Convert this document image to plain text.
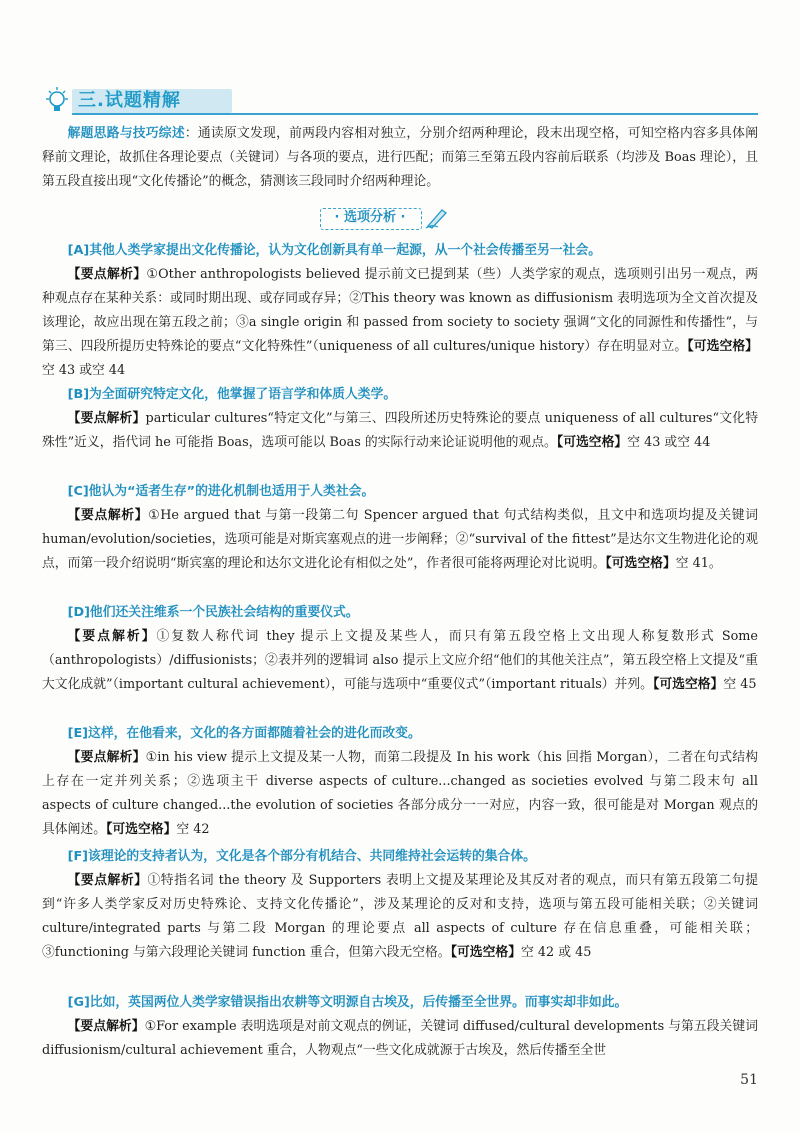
三.试题精解

解题思路与技巧综述：通读原文发现，前两段内容相对独立，分别介绍两种理论，段末出现空格，可知空格内容多具体阐释前文理论，故抓住各理论要点（关键词）与各项的要点，进行匹配；而第三至第五段内容前后联系（均涉及 Boas 理论），且第五段直接出现“文化传播论”的概念，猜测该三段同时介绍两种理论。

· 选项分析 ·

[A]其他人类学家提出文化传播论，认为文化创新具有单一起源，从一个社会传播至另一社会。

【要点解析】①Other anthropologists believed 提示前文已提到某（些）人类学家的观点，选项则引出另一观点，两种观点存在某种关系：或同时期出现、或存同或存异；②This theory was known as diffusionism 表明选项为全文首次提及该理论，故应出现在第五段之前；③a single origin 和 passed from society to society 强调“文化的同源性和传播性”，与第三、四段所提历史特殊论的要点“文化特殊性”（uniqueness of all cultures/unique history）存在明显对立。【可选空格】空 43 或空 44

[B]为全面研究特定文化，他掌握了语言学和体质人类学。

【要点解析】particular cultures“特定文化”与第三、四段所述历史特殊论的要点 uniqueness of all cultures“文化特殊性”近义，指代词 he 可能指 Boas，选项可能以 Boas 的实际行动来论证说明他的观点。【可选空格】空 43 或空 44

[C]他认为“适者生存”的进化机制也适用于人类社会。

【要点解析】①He argued that 与第一段第二句 Spencer argued that 句式结构类似，且文中和选项均提及关键词 human/evolution/societies，选项可能是对斯宾塞观点的进一步阐释；②“survival of the fittest”是达尔文生物进化论的观点，而第一段介绍说明“斯宾塞的理论和达尔文进化论有相似之处”，作者很可能将两理论对比说明。【可选空格】空 41。

[D]他们还关注维系一个民族社会结构的重要仪式。

【要点解析】①复数人称代词 they 提示上文提及某些人，而只有第五段空格上文出现人称复数形式 Some（anthropologists）/diffusionists；②表并列的逻辑词 also 提示上文应介绍“他们的其他关注点”，第五段空格上文提及“重大文化成就”（important cultural achievement），可能与选项中“重要仪式”（important rituals）并列。【可选空格】空 45

[E]这样，在他看来，文化的各方面都随着社会的进化而改变。

【要点解析】①in his view 提示上文提及某一人物，而第二段提及 In his work（his 回指 Morgan），二者在句式结构上存在一定并列关系；②选项主干 diverse aspects of culture...changed as societies evolved 与第二段末句 all aspects of culture changed...the evolution of societies 各部分成分一一对应，内容一致，很可能是对 Morgan 观点的具体阐述。【可选空格】空 42

[F]该理论的支持者认为，文化是各个部分有机结合、共同维持社会运转的集合体。

【要点解析】①特指名词 the theory 及 Supporters 表明上文提及某理论及其反对者的观点，而只有第五段第二句提到“许多人类学家反对历史特殊论、支持文化传播论”，涉及某理论的反对和支持，选项与第五段可能相关联；②关键词 culture/integrated parts 与第二段 Morgan 的理论要点 all aspects of culture 存在信息重叠，可能相关联；③functioning 与第六段理论关键词 function 重合，但第六段无空格。【可选空格】空 42 或 45

[G]比如，英国两位人类学家错误指出农耕等文明源自古埃及，后传播至全世界。而事实却非如此。

【要点解析】①For example 表明选项是对前文观点的例证，关键词 diffused/cultural developments 与第五段关键词 diffusionism/cultural achievement 重合，人物观点“一些文化成就源于古埃及，然后传播至全世

51
